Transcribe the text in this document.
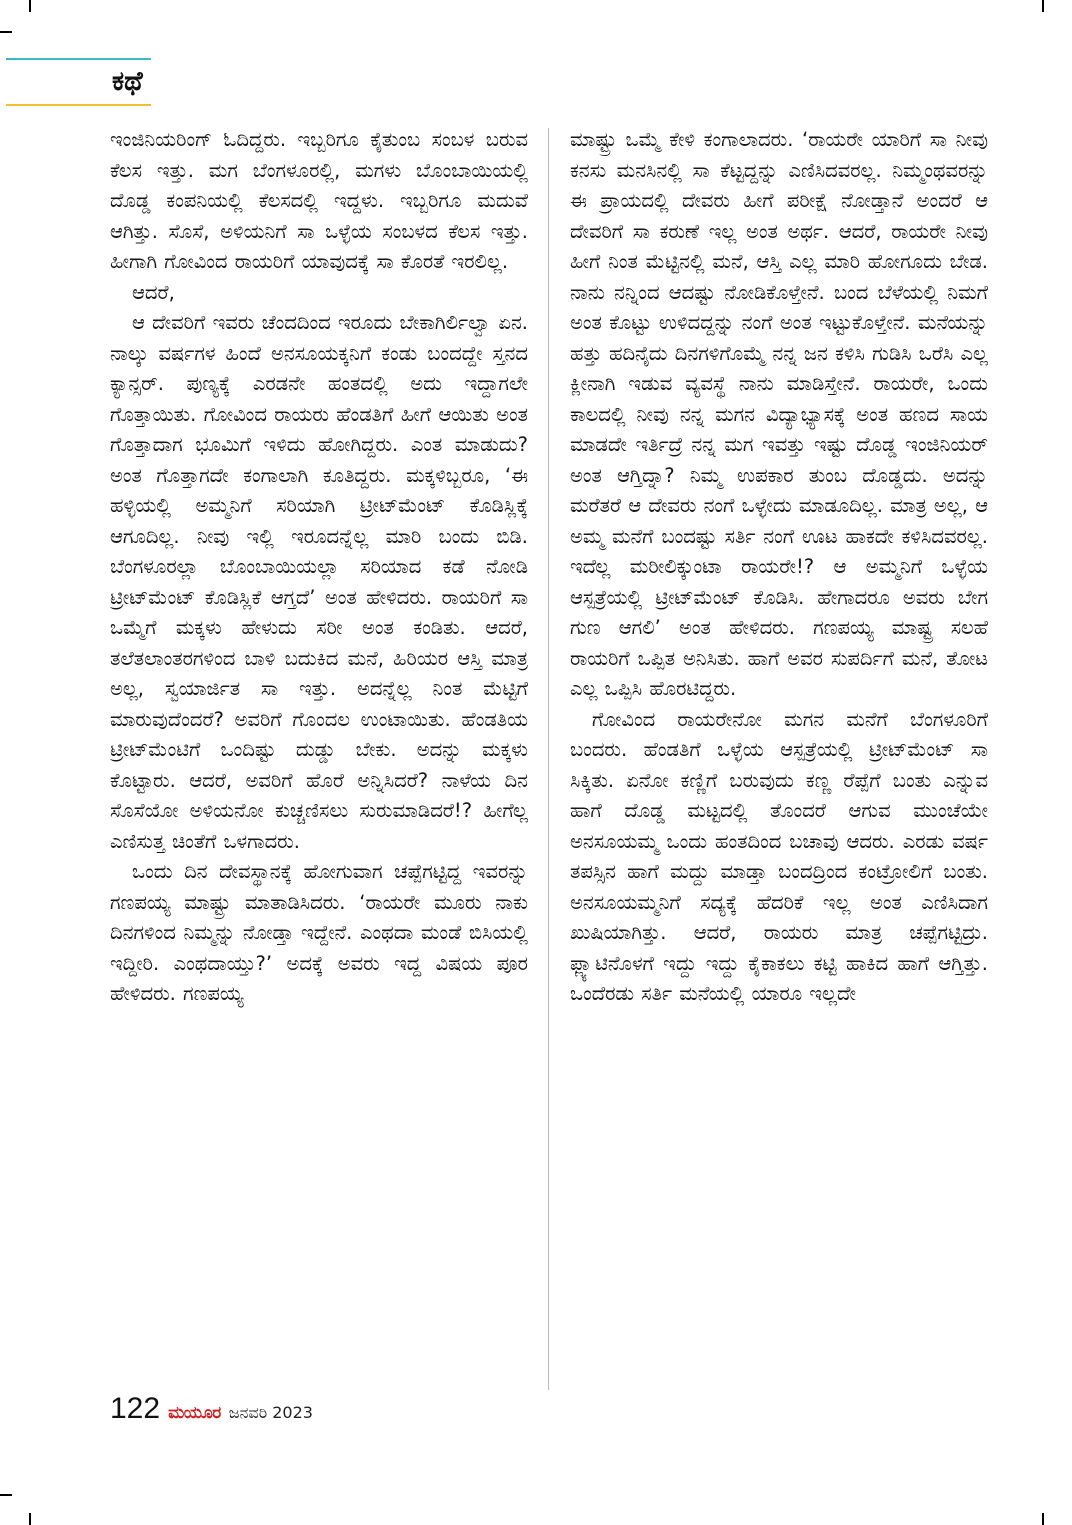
ಕಥೆ

ಇಂಜಿನಿಯರಿಂಗ್ ಓದಿದ್ದರು. ಇಬ್ಬರಿಗೂ ಕೈತುಂಬ ಸಂಬಳ ಬರುವ ಕೆಲಸ ಇತ್ತು. ಮಗ ಬೆಂಗಳೂರಲ್ಲಿ, ಮಗಳು ಬೊಂಬಾಯಿಯಲ್ಲಿ ದೊಡ್ಡ ಕಂಪನಿಯಲ್ಲಿ ಕೆಲಸದಲ್ಲಿ ಇದ್ದಳು. ಇಬ್ಬರಿಗೂ ಮದುವೆ ಆಗಿತ್ತು. ಸೊಸೆ, ಅಳಿಯನಿಗೆ ಸಾ ಒಳ್ಳೆಯ ಸಂಬಳದ ಕೆಲಸ ಇತ್ತು. ಹೀಗಾಗಿ ಗೋವಿಂದ ರಾಯರಿಗೆ ಯಾವುದಕ್ಕೆ ಸಾ ಕೊರತೆ ಇರಲಿಲ್ಲ.

ಆದರೆ,

ಆ ದೇವರಿಗೆ ಇವರು ಚೆಂದದಿಂದ ಇರೂದು ಬೇಕಾಗಿರ್ಲಿಲ್ವಾ ಏನ. ನಾಲ್ಕು ವರ್ಷಗಳ ಹಿಂದೆ ಅನಸೂಯಕ್ಕನಿಗೆ ಕಂಡು ಬಂದದ್ದೇ ಸ್ತನದ ಕ್ಯಾನ್ಸರ್. ಪುಣ್ಯಕ್ಕೆ ಎರಡನೇ ಹಂತದಲ್ಲಿ ಅದು ಇದ್ದಾಗಲೇ ಗೊತ್ತಾಯಿತು. ಗೋವಿಂದ ರಾಯರು ಹೆಂಡತಿಗೆ ಹೀಗೆ ಆಯಿತು ಅಂತ ಗೊತ್ತಾದಾಗ ಭೂಮಿಗೆ ಇಳಿದು ಹೋಗಿದ್ದರು. ಎಂತ ಮಾಡುದು? ಅಂತ ಗೊತ್ತಾಗದೇ ಕಂಗಾಲಾಗಿ ಕೂತಿದ್ದರು. ಮಕ್ಕಳಿಬ್ಬರೂ, ‘ಈ ಹಳ್ಳಿಯಲ್ಲಿ ಅಮ್ಮನಿಗೆ ಸರಿಯಾಗಿ ಟ್ರೀಟ್‌ಮೆಂಟ್ ಕೊಡಿಸ್ಲಿಕ್ಕೆ ಆಗೂದಿಲ್ಲ. ನೀವು ಇಲ್ಲಿ ಇರೂದನ್ನೆಲ್ಲ ಮಾರಿ ಬಂದು ಬಿಡಿ. ಬೆಂಗಳೂರಲ್ಲಾ ಬೊಂಬಾಯಿಯಲ್ಲಾ ಸರಿಯಾದ ಕಡೆ ನೋಡಿ ಟ್ರೀಟ್‌ಮೆಂಟ್ ಕೊಡಿಸ್ಲಿಕೆ ಆಗ್ತದೆ’ ಅಂತ ಹೇಳಿದರು. ರಾಯರಿಗೆ ಸಾ ಒಮ್ಮೆಗೆ ಮಕ್ಕಳು ಹೇಳುದು ಸರೀ ಅಂತ ಕಂಡಿತು. ಆದರೆ, ತಲೆತಲಾಂತರಗಳಿಂದ ಬಾಳಿ ಬದುಕಿದ ಮನೆ, ಹಿರಿಯರ ಆಸ್ತಿ ಮಾತ್ರ ಅಲ್ಲ, ಸ್ವಯಾರ್ಜಿತ ಸಾ ಇತ್ತು. ಅದನ್ನೆಲ್ಲ ನಿಂತ ಮೆಟ್ಟಿಗೆ ಮಾರುವುದೆಂದರೆ? ಅವರಿಗೆ ಗೊಂದಲ ಉಂಟಾಯಿತು. ಹೆಂಡತಿಯ ಟ್ರೀಟ್‌ಮೆಂಟಿಗೆ ಒಂದಿಷ್ಟು ದುಡ್ಡು ಬೇಕು. ಅದನ್ನು ಮಕ್ಕಳು ಕೊಟ್ಟಾರು. ಆದರೆ, ಅವರಿಗೆ ಹೊರೆ ಅನ್ನಿಸಿದರೆ? ನಾಳೆಯ ದಿನ ಸೊಸೆಯೋ ಅಳಿಯನೋ ಕುಚ್ಚಣಿಸಲು ಸುರುಮಾಡಿದರೆ!? ಹೀಗೆಲ್ಲ ಎಣಿಸುತ್ತ ಚಿಂತೆಗೆ ಒಳಗಾದರು.

ಒಂದು ದಿನ ದೇವಸ್ಥಾನಕ್ಕೆ ಹೋಗುವಾಗ ಚಪ್ಪೆಗಟ್ಟಿದ್ದ ಇವರನ್ನು ಗಣಪಯ್ಯ ಮಾಷ್ಟ್ರು ಮಾತಾಡಿಸಿದರು. ‘ರಾಯರೇ ಮೂರು ನಾಕು ದಿನಗಳಿಂದ ನಿಮ್ಮನ್ನು ನೋಡ್ತಾ ಇದ್ದೇನೆ. ಎಂಥದಾ ಮಂಡೆ ಬಿಸಿಯಲ್ಲಿ ಇದ್ದೀರಿ. ಎಂಥದಾಯ್ತು?’ ಅದಕ್ಕೆ ಅವರು ಇದ್ದ ವಿಷಯ ಪೂರ ಹೇಳಿದರು. ಗಣಪಯ್ಯ

ಮಾಷ್ಟ್ರು ಒಮ್ಮೆ ಕೇಳಿ ಕಂಗಾಲಾದರು. ‘ರಾಯರೇ ಯಾರಿಗೆ ಸಾ ನೀವು ಕನಸು ಮನಸಿನಲ್ಲಿ ಸಾ ಕೆಟ್ಟದ್ದನ್ನು ಎಣಿಸಿದವರಲ್ಲ. ನಿಮ್ಮಂಥವರನ್ನು ಈ ಪ್ರಾಯದಲ್ಲಿ ದೇವರು ಹೀಗೆ ಪರೀಕ್ಷೆ ನೋಡ್ತಾನೆ ಅಂದರೆ ಆ ದೇವರಿಗೆ ಸಾ ಕರುಣೆ ಇಲ್ಲ ಅಂತ ಅರ್ಥ. ಆದರೆ, ರಾಯರೇ ನೀವು ಹೀಗೆ ನಿಂತ ಮೆಟ್ಟಿನಲ್ಲಿ ಮನೆ, ಆಸ್ತಿ ಎಲ್ಲ ಮಾರಿ ಹೋಗೂದು ಬೇಡ. ನಾನು ನನ್ನಿಂದ ಆದಷ್ಟು ನೋಡಿಕೊಳ್ತೇನೆ. ಬಂದ ಬೆಳೆಯಲ್ಲಿ ನಿಮಗೆ ಅಂತ ಕೊಟ್ಟು ಉಳಿದದ್ದನ್ನು ನಂಗೆ ಅಂತ ಇಟ್ಟುಕೊಳ್ತೇನೆ. ಮನೆಯನ್ನು ಹತ್ತು ಹದಿನೈದು ದಿನಗಳಿಗೊಮ್ಮೆ ನನ್ನ ಜನ ಕಳಿಸಿ ಗುಡಿಸಿ ಒರೆಸಿ ಎಲ್ಲ ಕ್ಲೀನಾಗಿ ಇಡುವ ವ್ಯವಸ್ಥೆ ನಾನು ಮಾಡಿಸ್ತೇನೆ. ರಾಯರೇ, ಒಂದು ಕಾಲದಲ್ಲಿ ನೀವು ನನ್ನ ಮಗನ ವಿದ್ಯಾಭ್ಯಾಸಕ್ಕೆ ಅಂತ ಹಣದ ಸಾಯ ಮಾಡದೇ ಇರ್ತಿದ್ರೆ ನನ್ನ ಮಗ ಇವತ್ತು ಇಷ್ಟು ದೊಡ್ಡ ಇಂಜಿನಿಯರ್ ಅಂತ ಆಗ್ತಿದ್ನಾ? ನಿಮ್ಮ ಉಪಕಾರ ತುಂಬ ದೊಡ್ಡದು. ಅದನ್ನು ಮರೆತರೆ ಆ ದೇವರು ನಂಗೆ ಒಳ್ಳೇದು ಮಾಡೂದಿಲ್ಲ. ಮಾತ್ರ ಅಲ್ಲ, ಆ ಅಮ್ಮ ಮನೆಗೆ ಬಂದಷ್ಟು ಸರ್ತಿ ನಂಗೆ ಊಟ ಹಾಕದೇ ಕಳಿಸಿದವರಲ್ಲ. ಇದೆಲ್ಲ ಮರೀಲಿಕ್ಕುಂಟಾ ರಾಯರೇ!? ಆ ಅಮ್ಮನಿಗೆ ಒಳ್ಳೆಯ ಆಸ್ಪತ್ರೆಯಲ್ಲಿ ಟ್ರೀಟ್‌ಮೆಂಟ್ ಕೊಡಿಸಿ. ಹೇಗಾದರೂ ಅವರು ಬೇಗ ಗುಣ ಆಗಲಿ’ ಅಂತ ಹೇಳಿದರು. ಗಣಪಯ್ಯ ಮಾಷ್ಟ್ರ ಸಲಹೆ ರಾಯರಿಗೆ ಒಪ್ಪಿತ ಅನಿಸಿತು. ಹಾಗೆ ಅವರ ಸುಪರ್ದಿಗೆ ಮನೆ, ತೋಟ ಎಲ್ಲ ಒಪ್ಪಿಸಿ ಹೊರಟಿದ್ದರು.

ಗೋವಿಂದ ರಾಯರೇನೋ ಮಗನ ಮನೆಗೆ ಬೆಂಗಳೂರಿಗೆ ಬಂದರು. ಹೆಂಡತಿಗೆ ಒಳ್ಳೆಯ ಆಸ್ಪತ್ರೆಯಲ್ಲಿ ಟ್ರೀಟ್‌ಮೆಂಟ್ ಸಾ ಸಿಕ್ಕಿತು. ಏನೋ ಕಣ್ಣಿಗೆ ಬರುವುದು ಕಣ್ಣ ರೆಪ್ಪೆಗೆ ಬಂತು ಎನ್ನುವ ಹಾಗೆ ದೊಡ್ಡ ಮಟ್ಟದಲ್ಲಿ ತೊಂದರೆ ಆಗುವ ಮುಂಚೆಯೇ ಅನಸೂಯಮ್ಮ ಒಂದು ಹಂತದಿಂದ ಬಚಾವು ಆದರು. ಎರಡು ವರ್ಷ ತಪಸ್ಸಿನ ಹಾಗೆ ಮದ್ದು ಮಾಡ್ತಾ ಬಂದದ್ರಿಂದ ಕಂಟ್ರೋಲಿಗೆ ಬಂತು. ಅನಸೂಯಮ್ಮನಿಗೆ ಸದ್ಯಕ್ಕೆ ಹೆದರಿಕೆ ಇಲ್ಲ ಅಂತ ಎಣಿಸಿದಾಗ ಖುಷಿಯಾಗಿತ್ತು. ಆದರೆ, ರಾಯರು ಮಾತ್ರ ಚಪ್ಪೆಗಟ್ಟಿದ್ರು. ಫ್ಲ್ಯಾಟಿನೊಳಗೆ ಇದ್ದು ಇದ್ದು ಕೈಕಾಕಲು ಕಟ್ಟಿ ಹಾಕಿದ ಹಾಗೆ ಆಗ್ತಿತ್ತು. ಒಂದೆರಡು ಸರ್ತಿ ಮನೆಯಲ್ಲಿ ಯಾರೂ ಇಲ್ಲದೇ

122 ಮಯೂರ ಜನವರಿ 2023
